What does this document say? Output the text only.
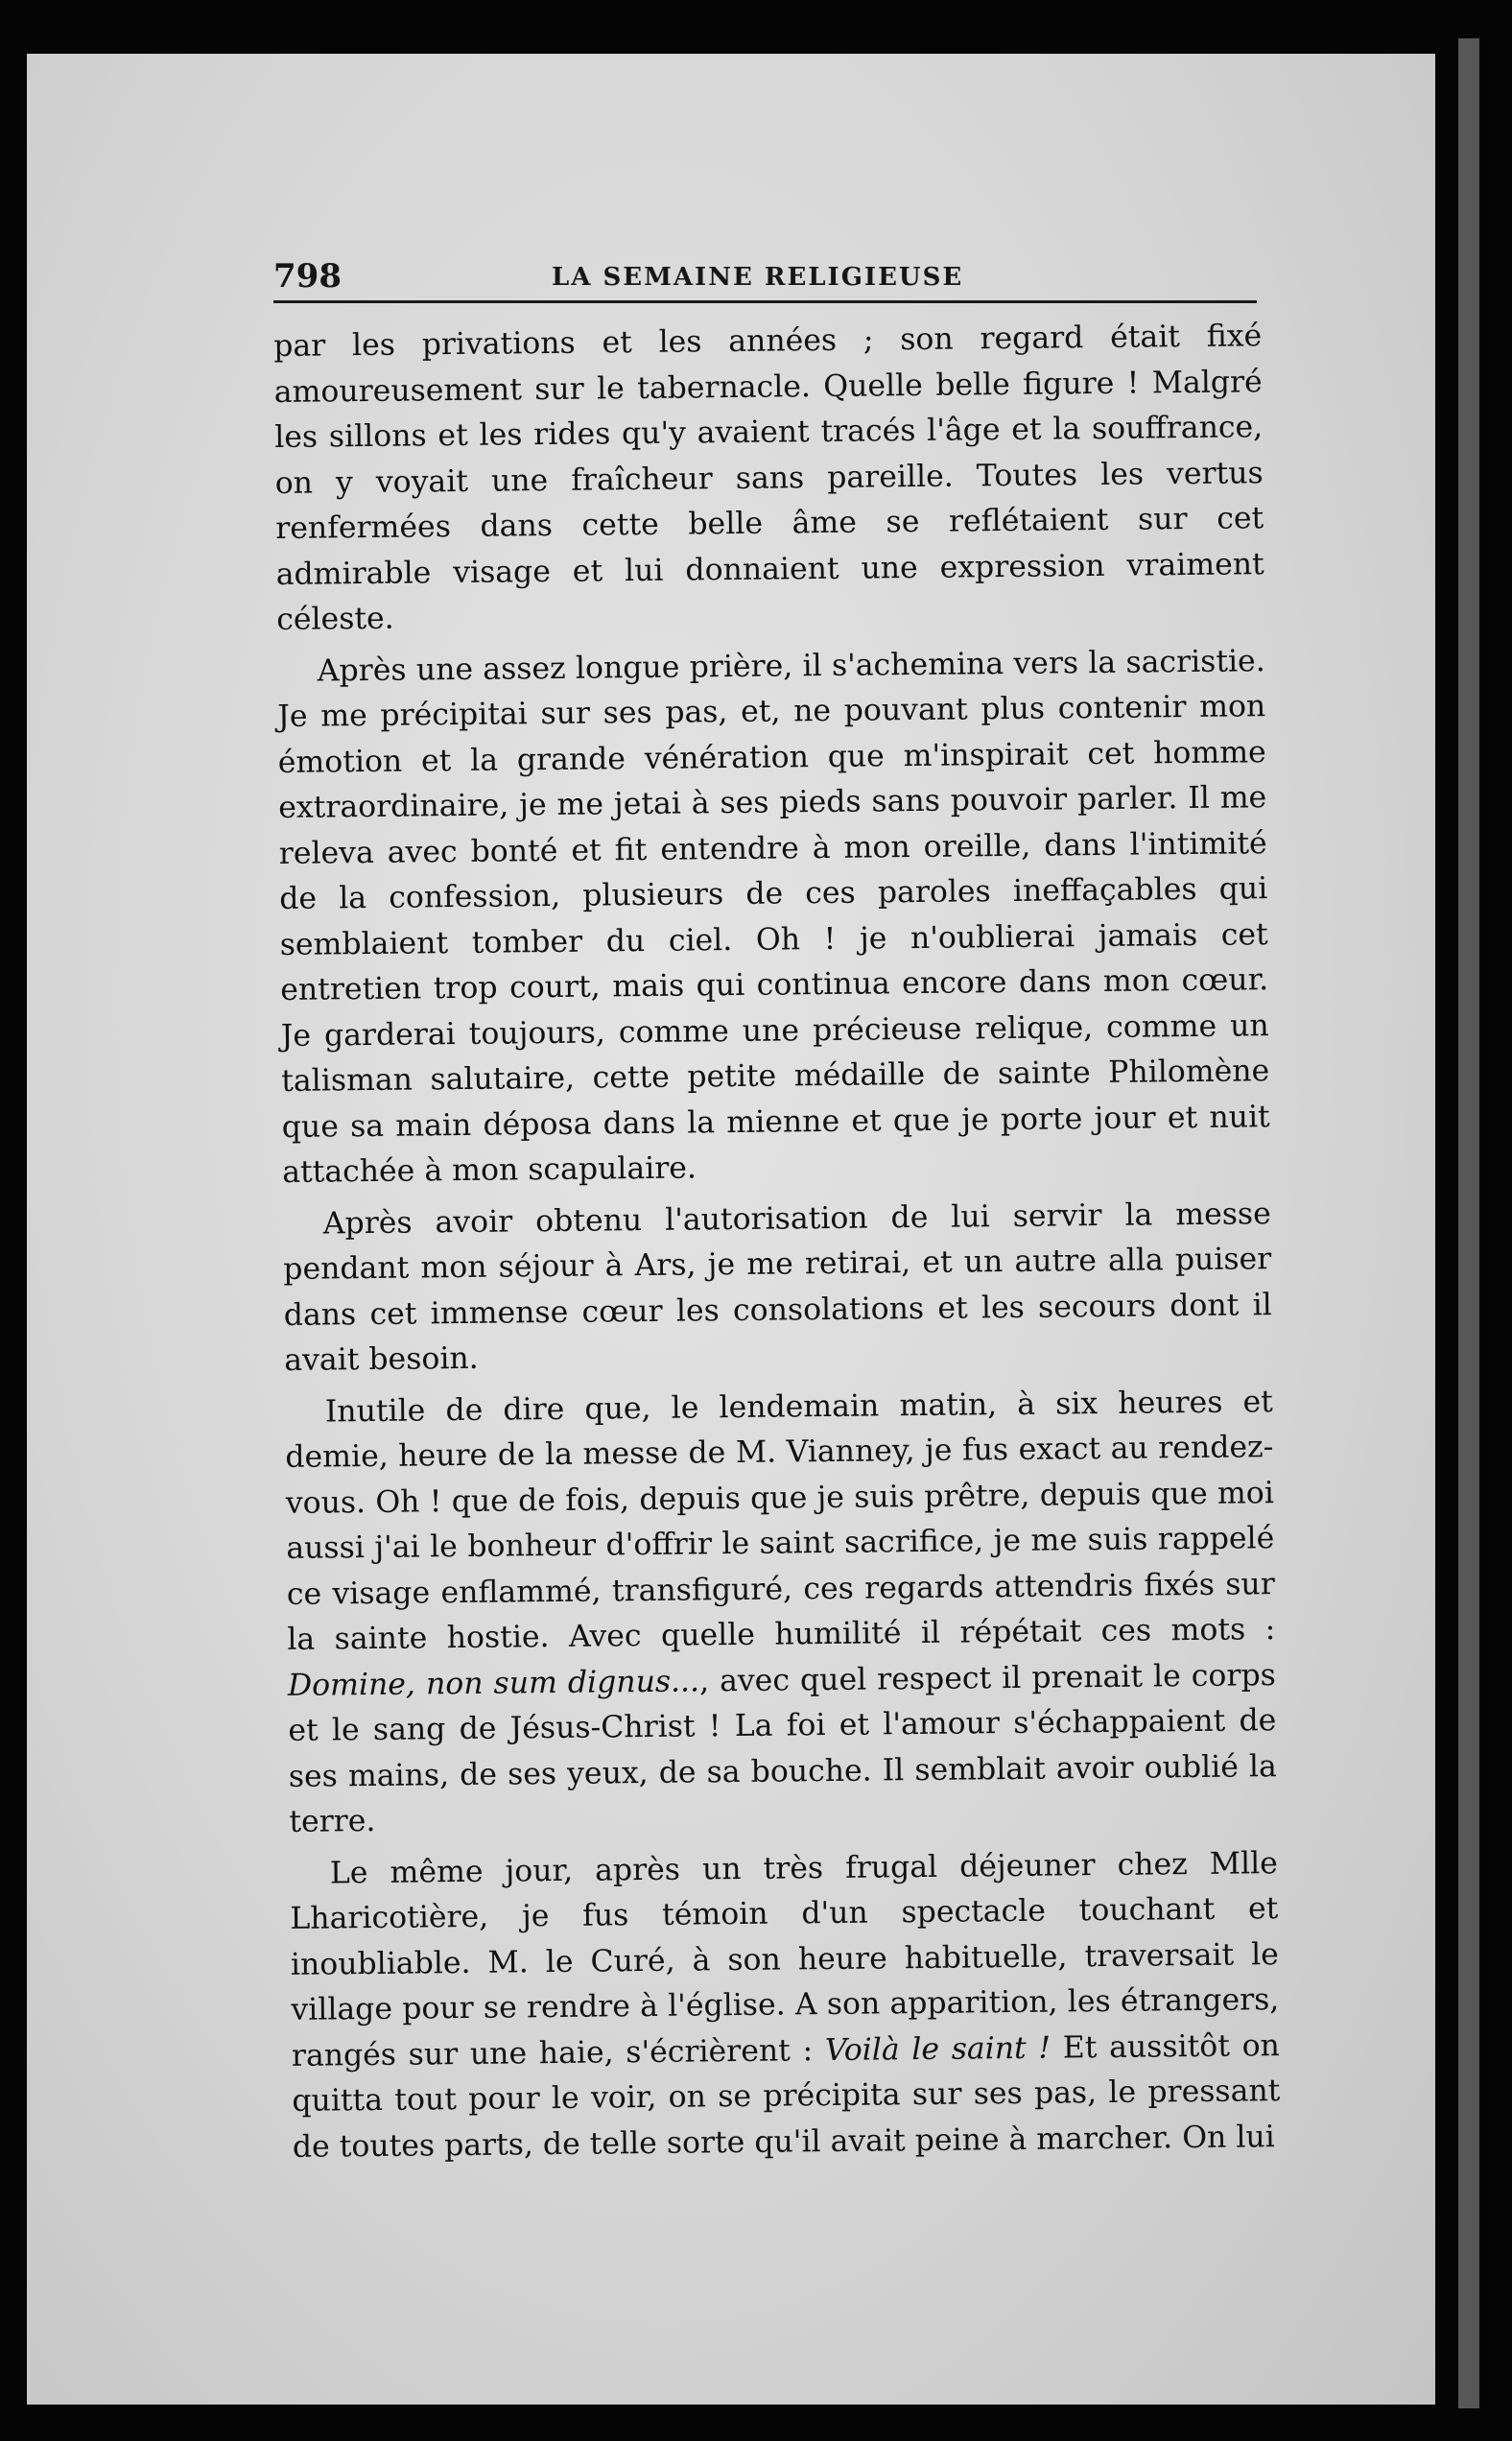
798	LA SEMAINE RELIGIEUSE

par les privations et les années ; son regard était fixé amoureusement sur le tabernacle. Quelle belle figure ! Malgré les sillons et les rides qu'y avaient tracés l'âge et la souffrance, on y voyait une fraîcheur sans pareille. Toutes les vertus renfermées dans cette belle âme se reflétaient sur cet admirable visage et lui donnaient une expression vraiment céleste.

Après une assez longue prière, il s'achemina vers la sacristie. Je me précipitai sur ses pas, et, ne pouvant plus contenir mon émotion et la grande vénération que m'inspirait cet homme extraordinaire, je me jetai à ses pieds sans pouvoir parler. Il me releva avec bonté et fit entendre à mon oreille, dans l'intimité de la confession, plusieurs de ces paroles ineffaçables qui semblaient tomber du ciel. Oh ! je n'oublierai jamais cet entretien trop court, mais qui continua encore dans mon cœur. Je garderai toujours, comme une précieuse relique, comme un talisman salutaire, cette petite médaille de sainte Philomène que sa main déposa dans la mienne et que je porte jour et nuit attachée à mon scapulaire.

Après avoir obtenu l'autorisation de lui servir la messe pendant mon séjour à Ars, je me retirai, et un autre alla puiser dans cet immense cœur les consolations et les secours dont il avait besoin.

Inutile de dire que, le lendemain matin, à six heures et demie, heure de la messe de M. Vianney, je fus exact au rendez-vous. Oh ! que de fois, depuis que je suis prêtre, depuis que moi aussi j'ai le bonheur d'offrir le saint sacrifice, je me suis rappelé ce visage enflammé, transfiguré, ces regards attendris fixés sur la sainte hostie. Avec quelle humilité il répétait ces mots : Domine, non sum dignus..., avec quel respect il prenait le corps et le sang de Jésus-Christ ! La foi et l'amour s'échappaient de ses mains, de ses yeux, de sa bouche. Il semblait avoir oublié la terre.

Le même jour, après un très frugal déjeuner chez Mlle Lharicotière, je fus témoin d'un spectacle touchant et inoubliable. M. le Curé, à son heure habituelle, traversait le village pour se rendre à l'église. A son apparition, les étrangers, rangés sur une haie, s'écrièrent : Voilà le saint ! Et aussitôt on quitta tout pour le voir, on se précipita sur ses pas, le pressant de toutes parts, de telle sorte qu'il avait peine à marcher. On lui
